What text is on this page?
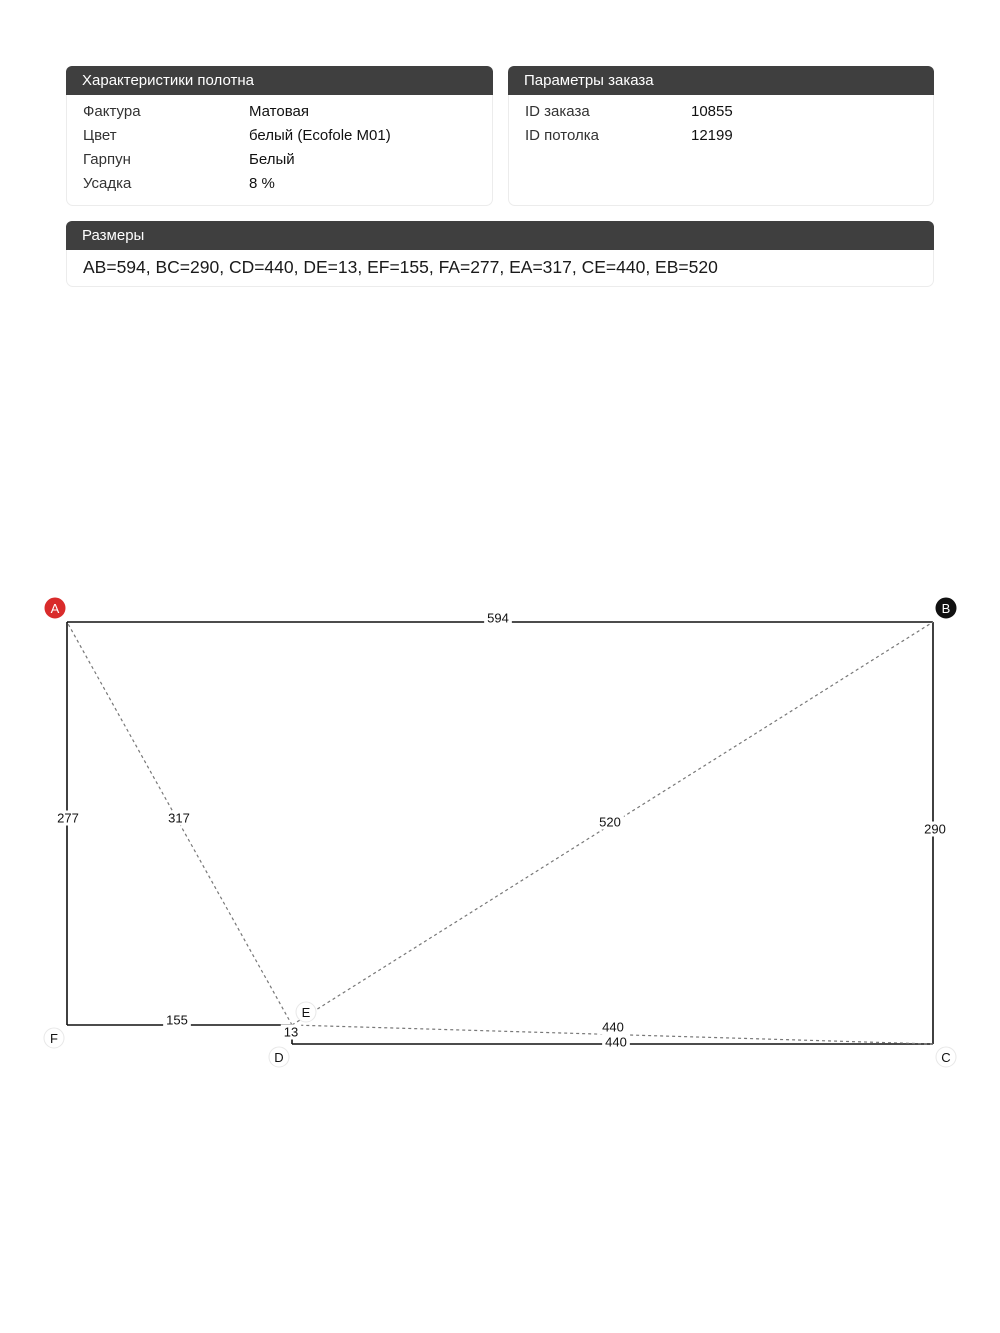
Характеристики полотна
Фактура	Матовая
Цвет	белый (Ecofole M01)
Гарпун	Белый
Усадка	8 %
Параметры заказа
ID заказа	10855
ID потолка	12199
Размеры
AB=594, BC=290, CD=440, DE=13, EF=155, FA=277, EA=317, CE=440, EB=520
594
290
440
13
155
277	317
440
520
A	B
C
D
E
F
